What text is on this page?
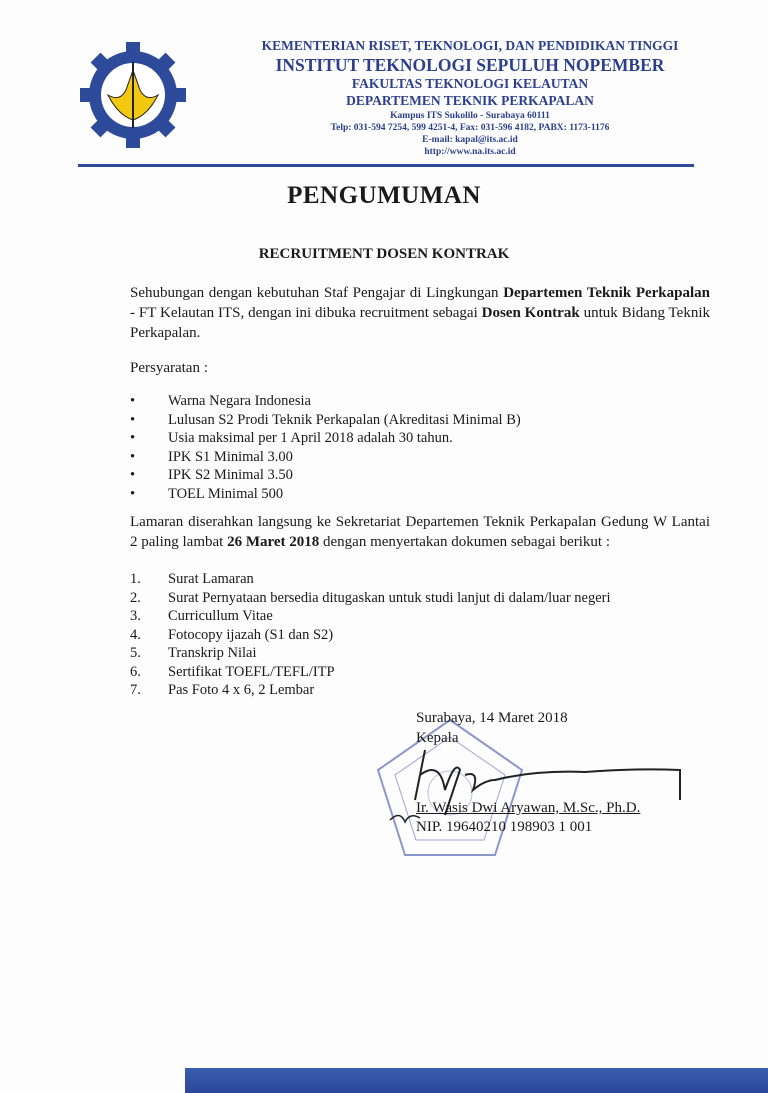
KEMENTERIAN RISET, TEKNOLOGI, DAN PENDIDIKAN TINGGI
INSTITUT TEKNOLOGI SEPULUH NOPEMBER
FAKULTAS TEKNOLOGI KELAUTAN
DEPARTEMEN TEKNIK PERKAPALAN
Kampus ITS Sukolilo - Surabaya 60111
Telp: 031-594 7254, 599 4251-4, Fax: 031-596 4182, PABX: 1173-1176
E-mail: kapal@its.ac.id
http://www.na.its.ac.id
PENGUMUMAN
RECRUITMENT DOSEN KONTRAK
Sehubungan dengan kebutuhan Staf Pengajar di Lingkungan Departemen Teknik Perkapalan - FT Kelautan ITS, dengan ini dibuka recruitment sebagai Dosen Kontrak untuk Bidang Teknik Perkapalan.
Persyaratan :
•	Warna Negara Indonesia
•	Lulusan S2 Prodi Teknik Perkapalan (Akreditasi Minimal B)
•	Usia maksimal per 1 April 2018 adalah 30 tahun.
•	IPK S1 Minimal 3.00
•	IPK S2 Minimal 3.50
•	TOEL Minimal 500
Lamaran diserahkan langsung ke Sekretariat Departemen Teknik Perkapalan Gedung W Lantai 2 paling lambat 26 Maret 2018 dengan menyertakan dokumen sebagai berikut :
1.	Surat Lamaran
2.	Surat Pernyataan bersedia ditugaskan untuk studi lanjut di dalam/luar negeri
3.	Curricullum Vitae
4.	Fotocopy ijazah (S1 dan S2)
5.	Transkrip Nilai
6.	Sertifikat TOEFL/TEFL/ITP
7.	Pas Foto 4 x 6, 2 Lembar
Surabaya, 14 Maret 2018
Kepala
Ir. Wasis Dwi Aryawan, M.Sc., Ph.D.
NIP. 19640210 198903 1 001
